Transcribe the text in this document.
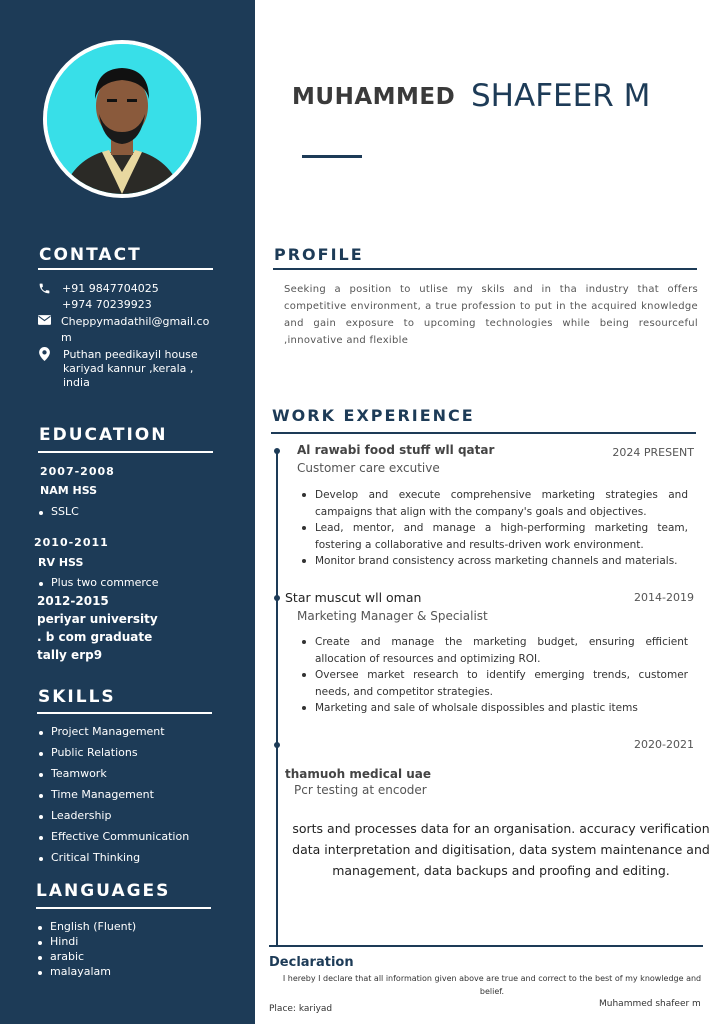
CONTACT
+91 9847704025
+974 70239923
Cheppymadathil@gmail.co
m
Puthan peedikayil house
kariyad kannur ,kerala ,
india
EDUCATION
2007-2008
NAM HSS
SSLC
2010-2011
RV HSS
Plus two commerce
2012-2015
periyar university
. b com graduate
tally erp9
SKILLS
Project Management
Public Relations
Teamwork
Time Management
Leadership
Effective Communication
Critical Thinking
LANGUAGES
English (Fluent)
Hindi
arabic
malayalam
MUHAMMED SHAFEER M
PROFILE
Seeking a position to utlise my skils and in tha industry that offers competitive environment, a true profession to put in the acquired knowledge and gain exposure to upcoming technologies while being resourceful ,innovative and flexible
WORK EXPERIENCE
Al rawabi food stuff wll qatar	2024 PRESENT
Customer care excutive
Develop and execute comprehensive marketing strategies and campaigns that align with the company's goals and objectives.
Lead, mentor, and manage a high-performing marketing team, fostering a collaborative and results-driven work environment.
Monitor brand consistency across marketing channels and materials.
Star muscut wll oman	2014-2019
Marketing Manager & Specialist
Create and manage the marketing budget, ensuring efficient allocation of resources and optimizing ROI.
Oversee market research to identify emerging trends, customer needs, and competitor strategies.
Marketing and sale of wholsale dispossibles and plastic items
2020-2021
thamuoh medical uae
Pcr testing at encoder
sorts and processes data for an organisation. accuracy verification data interpretation and digitisation, data system maintenance and management, data backups and proofing and editing.
Declaration
I hereby I declare that all information given above are true and correct to the best of my knowledge and belief.
Place: kariyad	Muhammed shafeer m
